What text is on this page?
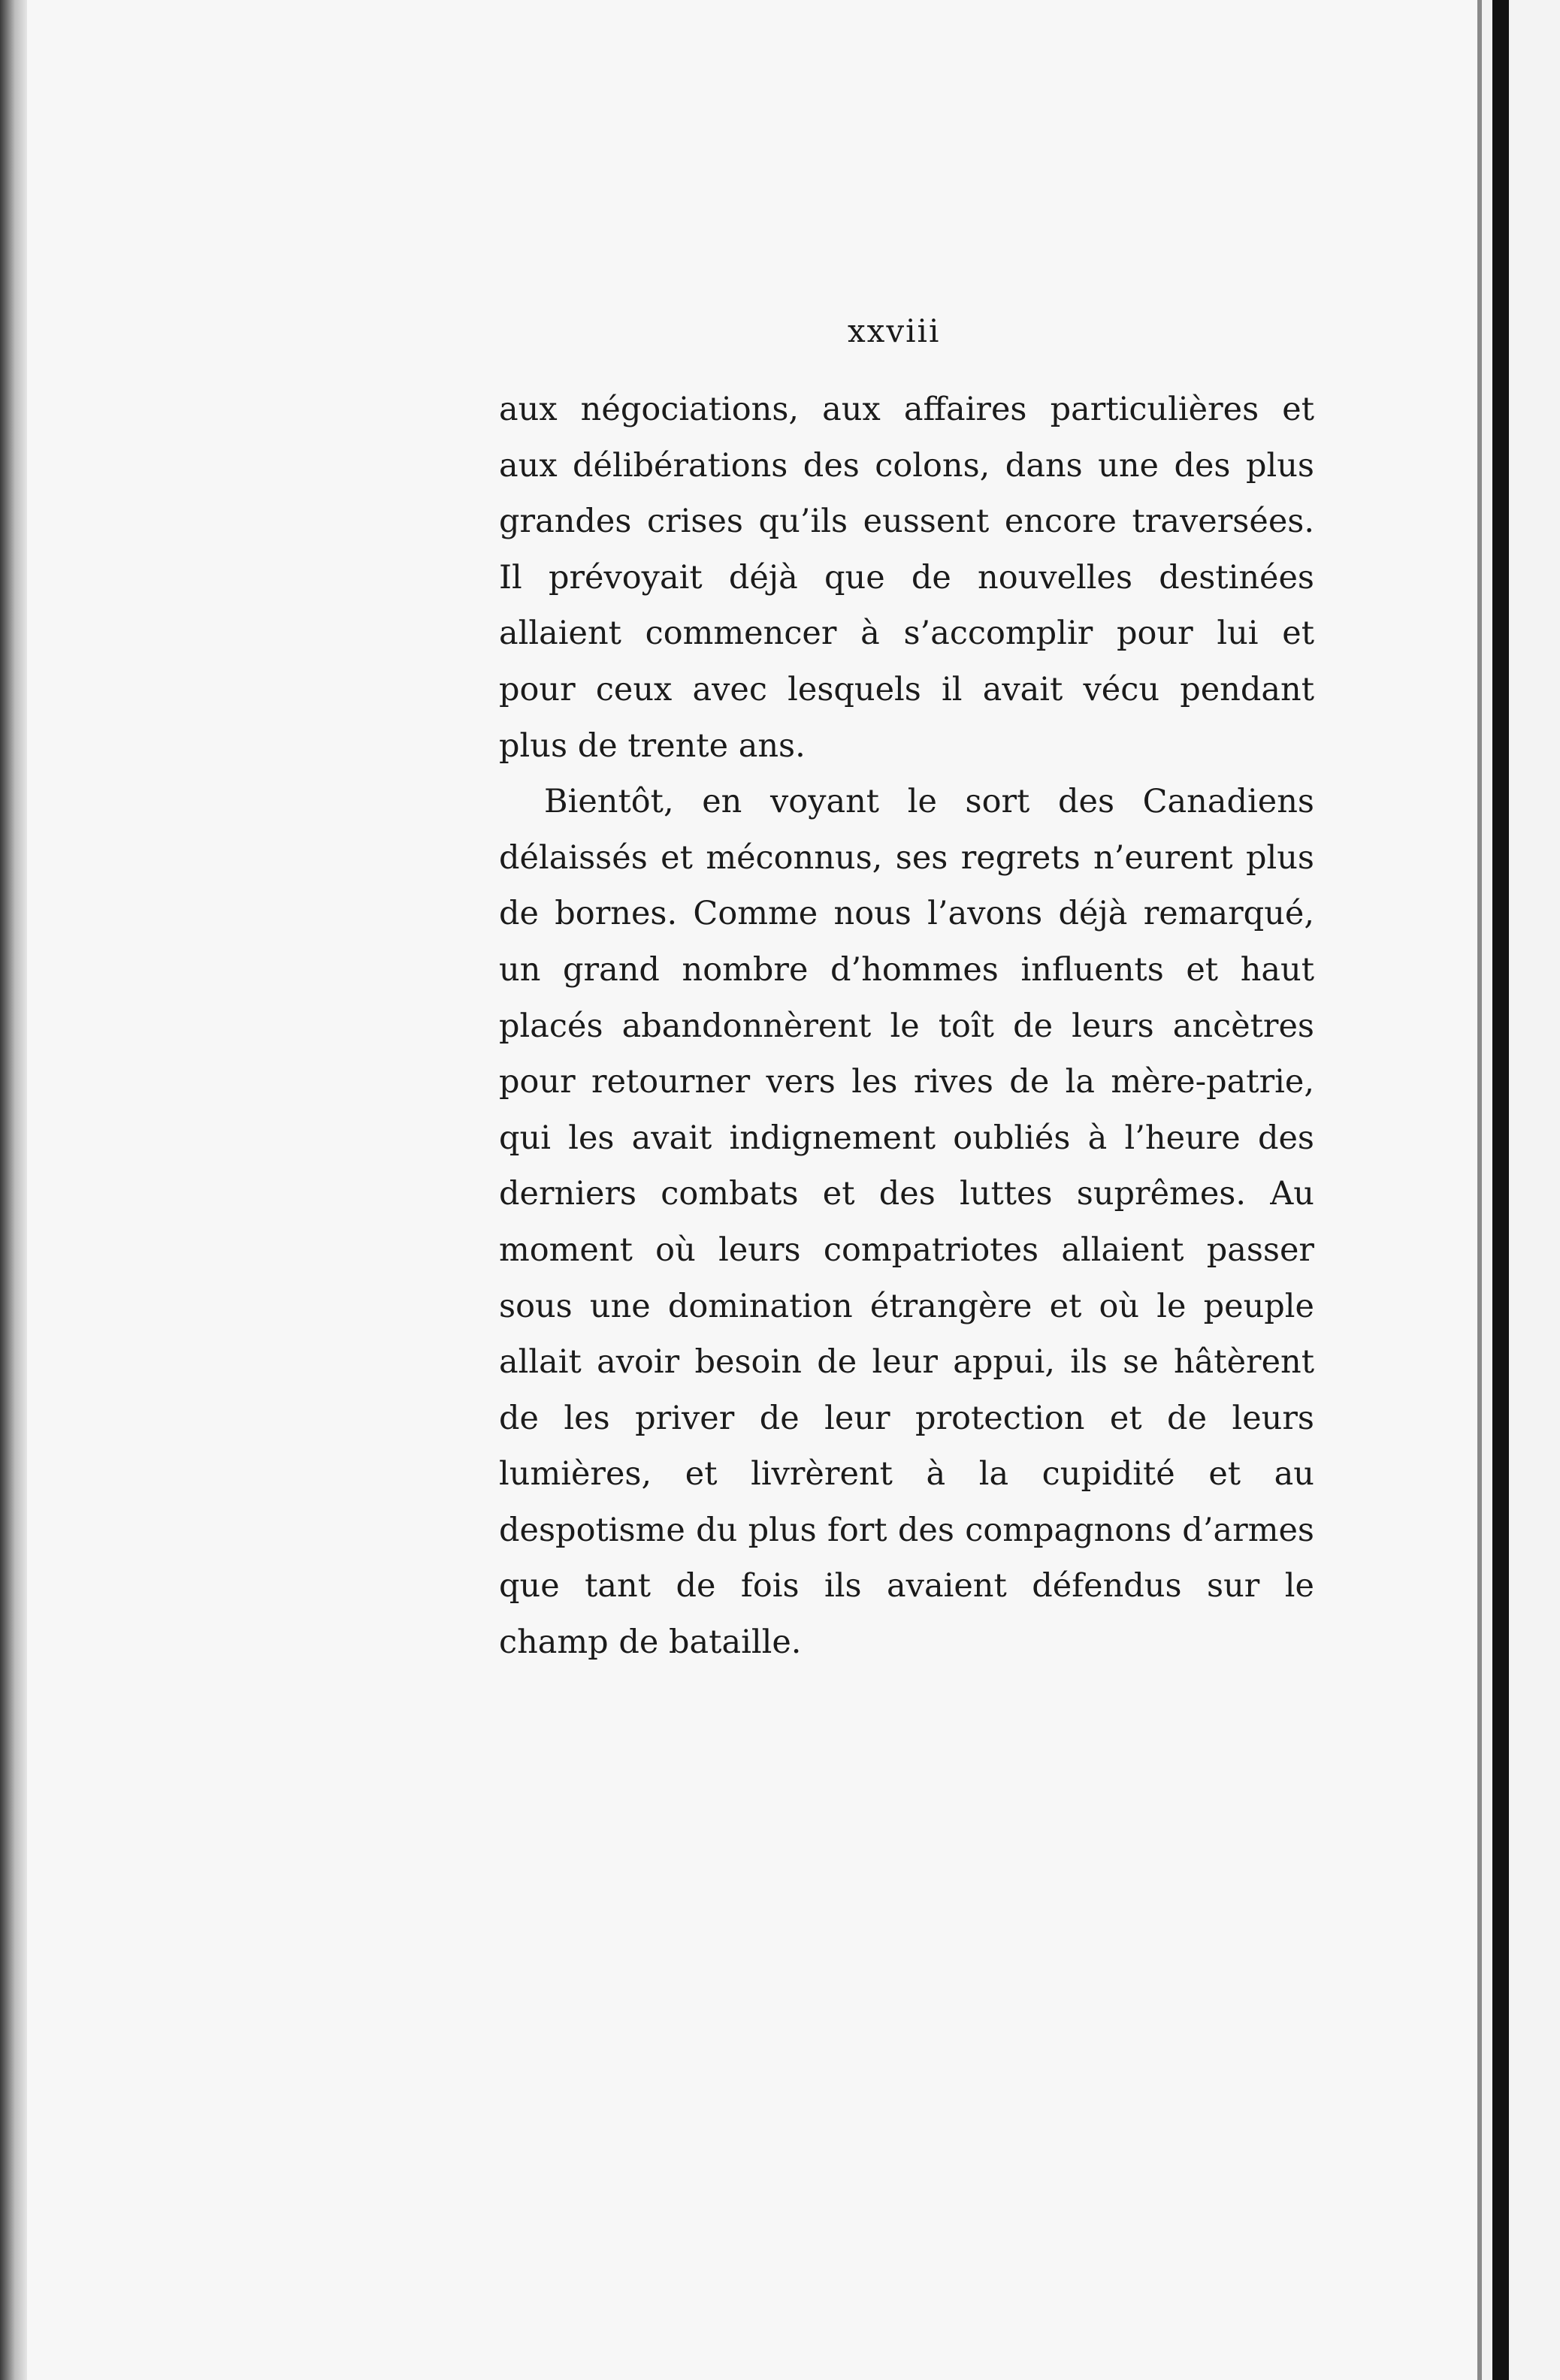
xxviii

aux négociations, aux affaires particulières et aux délibérations des colons, dans une des plus grandes crises qu’ils eussent encore traversées. Il prévoyait déjà que de nouvelles destinées allaient commencer à s’accomplir pour lui et pour ceux avec lesquels il avait vécu pendant plus de trente ans.

Bientôt, en voyant le sort des Canadiens délaissés et méconnus, ses regrets n’eurent plus de bornes. Comme nous l’avons déjà remarqué, un grand nombre d’hommes influents et haut placés abandonnèrent le toît de leurs ancètres pour retourner vers les rives de la mère-patrie, qui les avait indignement oubliés à l’heure des derniers combats et des luttes suprêmes. Au moment où leurs compatriotes allaient passer sous une domination étrangère et où le peuple allait avoir besoin de leur appui, ils se hâtèrent de les priver de leur protection et de leurs lumières, et livrèrent à la cupidité et au despotisme du plus fort des compagnons d’armes que tant de fois ils avaient défendus sur le champ de bataille.
